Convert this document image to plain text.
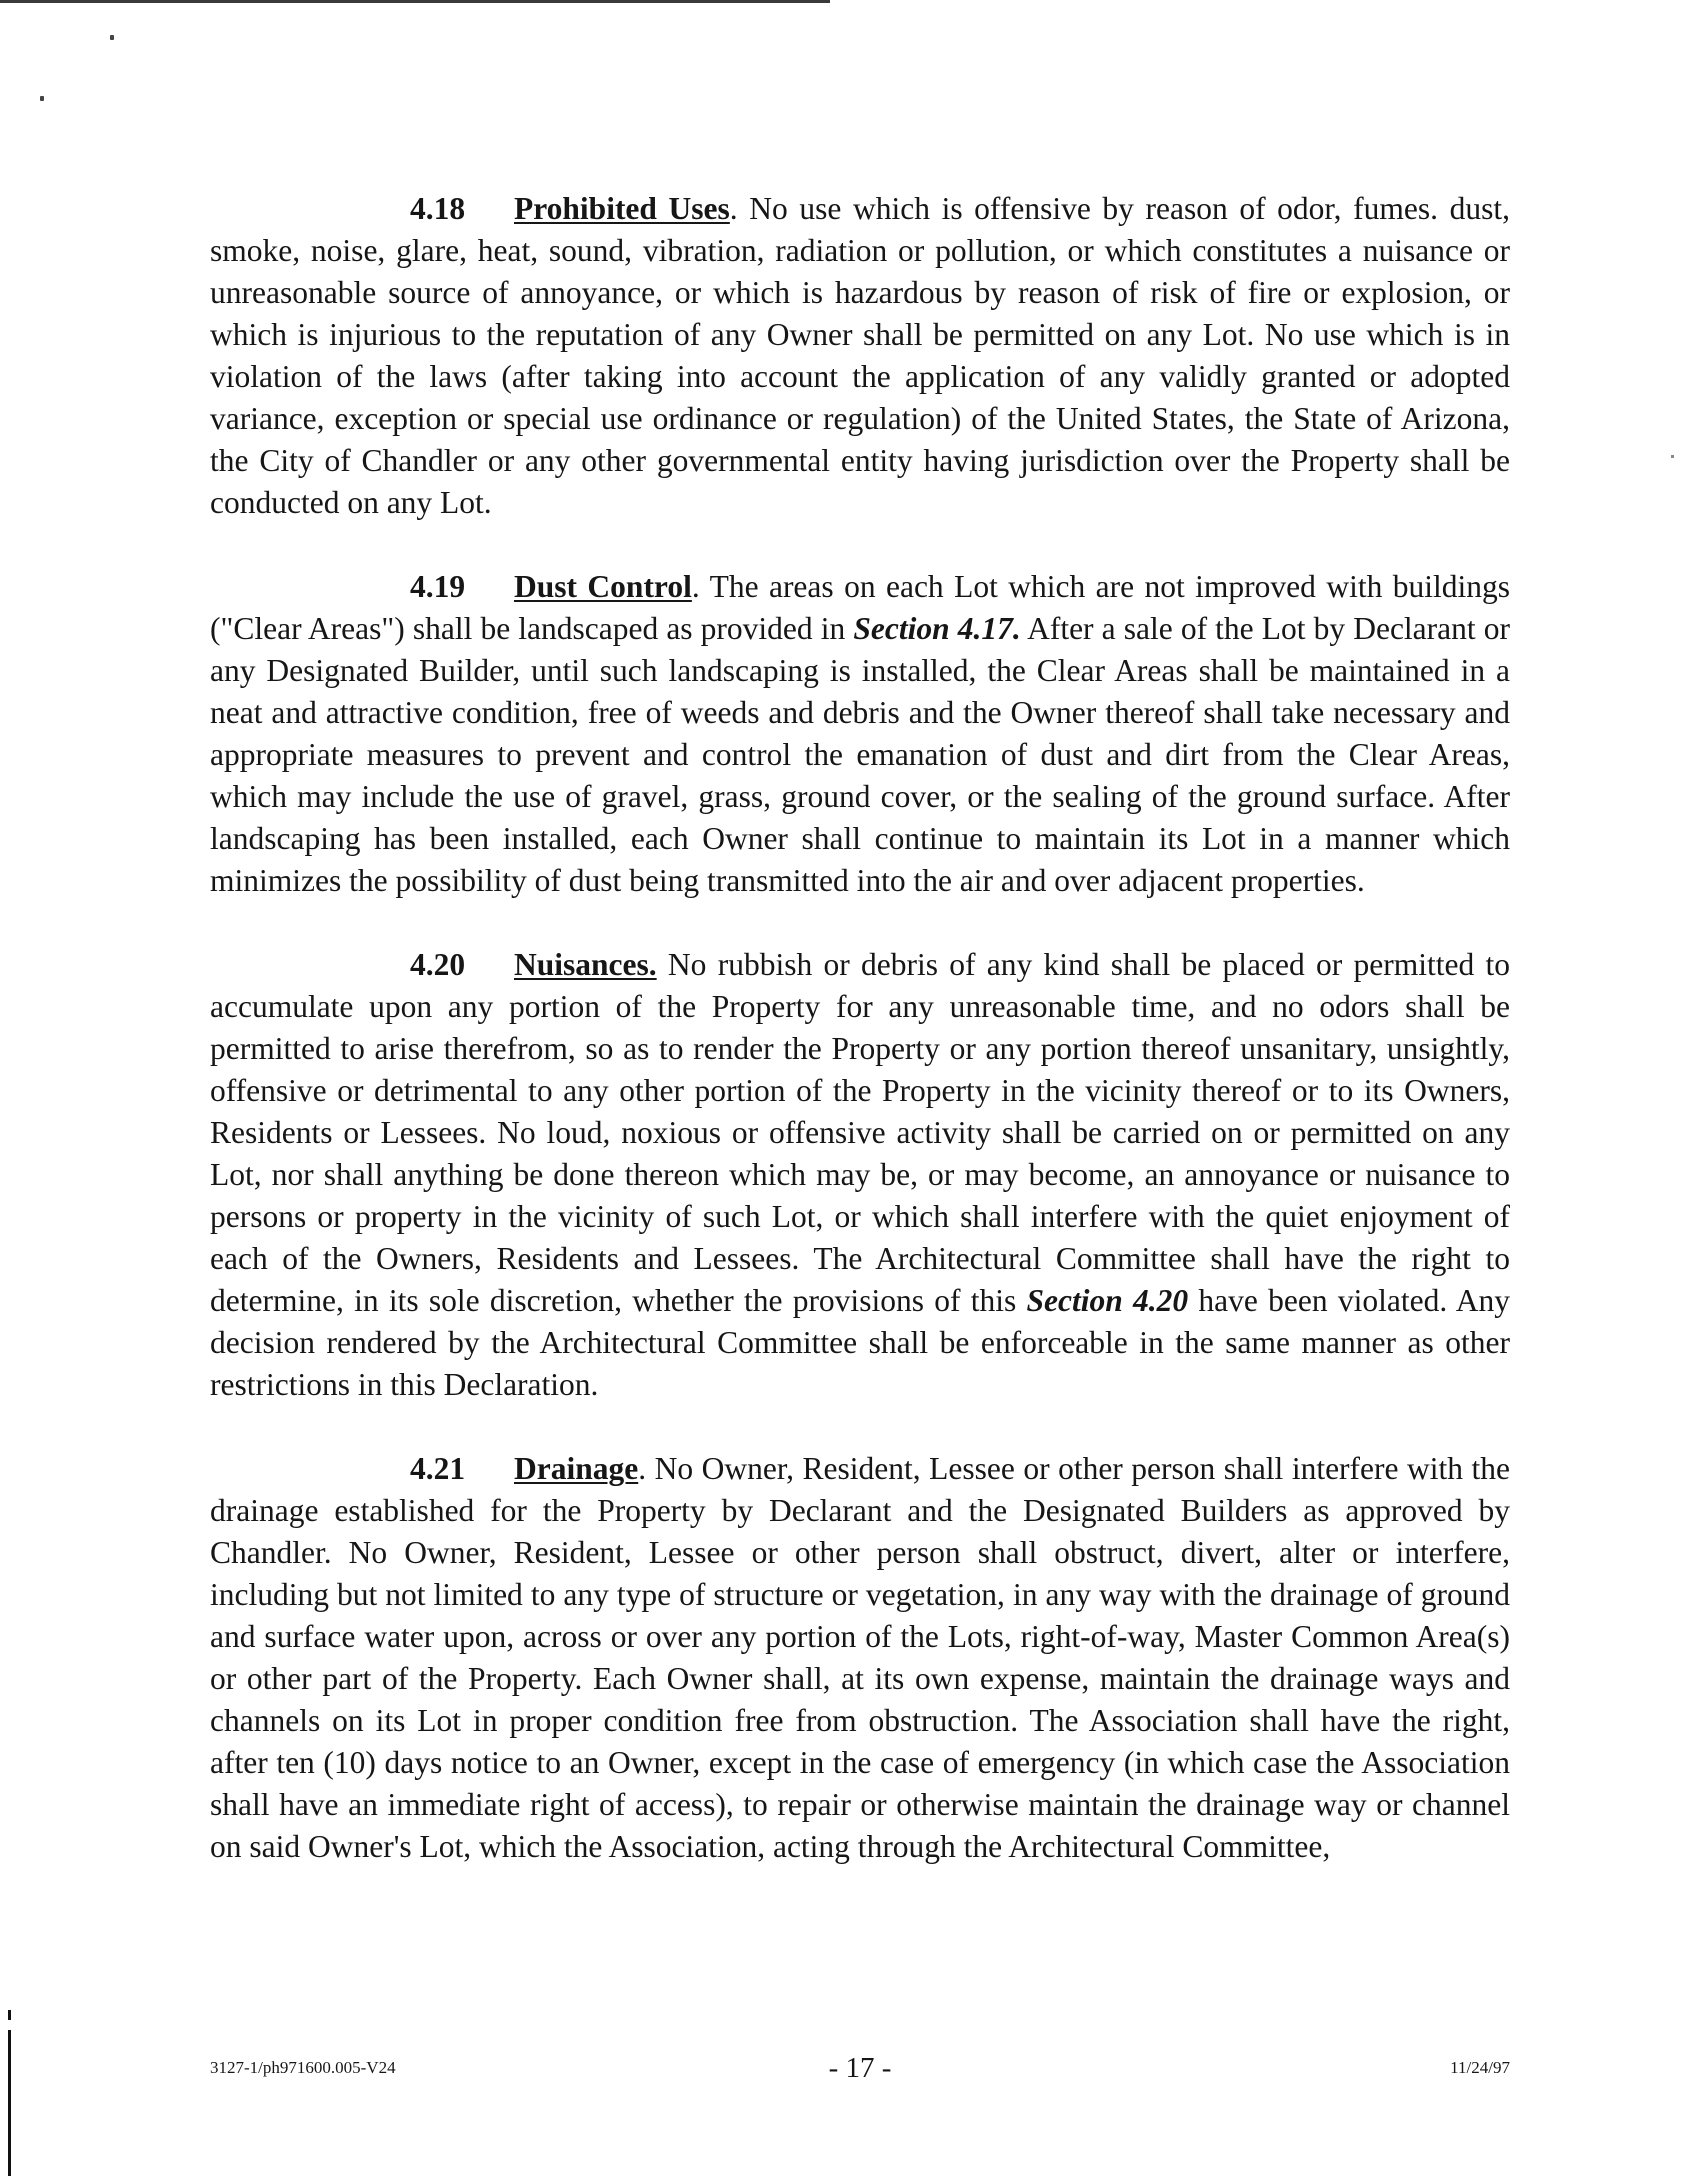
4.18 Prohibited Uses. No use which is offensive by reason of odor, fumes. dust, smoke, noise, glare, heat, sound, vibration, radiation or pollution, or which constitutes a nuisance or unreasonable source of annoyance, or which is hazardous by reason of risk of fire or explosion, or which is injurious to the reputation of any Owner shall be permitted on any Lot. No use which is in violation of the laws (after taking into account the application of any validly granted or adopted variance, exception or special use ordinance or regulation) of the United States, the State of Arizona, the City of Chandler or any other governmental entity having jurisdiction over the Property shall be conducted on any Lot.

4.19 Dust Control. The areas on each Lot which are not improved with buildings ("Clear Areas") shall be landscaped as provided in Section 4.17. After a sale of the Lot by Declarant or any Designated Builder, until such landscaping is installed, the Clear Areas shall be maintained in a neat and attractive condition, free of weeds and debris and the Owner thereof shall take necessary and appropriate measures to prevent and control the emanation of dust and dirt from the Clear Areas, which may include the use of gravel, grass, ground cover, or the sealing of the ground surface. After landscaping has been installed, each Owner shall continue to maintain its Lot in a manner which minimizes the possibility of dust being transmitted into the air and over adjacent properties.

4.20 Nuisances. No rubbish or debris of any kind shall be placed or permitted to accumulate upon any portion of the Property for any unreasonable time, and no odors shall be permitted to arise therefrom, so as to render the Property or any portion thereof unsanitary, unsightly, offensive or detrimental to any other portion of the Property in the vicinity thereof or to its Owners, Residents or Lessees. No loud, noxious or offensive activity shall be carried on or permitted on any Lot, nor shall anything be done thereon which may be, or may become, an annoyance or nuisance to persons or property in the vicinity of such Lot, or which shall interfere with the quiet enjoyment of each of the Owners, Residents and Lessees. The Architectural Committee shall have the right to determine, in its sole discretion, whether the provisions of this Section 4.20 have been violated. Any decision rendered by the Architectural Committee shall be enforceable in the same manner as other restrictions in this Declaration.

4.21 Drainage. No Owner, Resident, Lessee or other person shall interfere with the drainage established for the Property by Declarant and the Designated Builders as approved by Chandler. No Owner, Resident, Lessee or other person shall obstruct, divert, alter or interfere, including but not limited to any type of structure or vegetation, in any way with the drainage of ground and surface water upon, across or over any portion of the Lots, right-of-way, Master Common Area(s) or other part of the Property. Each Owner shall, at its own expense, maintain the drainage ways and channels on its Lot in proper condition free from obstruction. The Association shall have the right, after ten (10) days notice to an Owner, except in the case of emergency (in which case the Association shall have an immediate right of access), to repair or otherwise maintain the drainage way or channel on said Owner's Lot, which the Association, acting through the Architectural Committee,

3127-1/ph971600.005-V24	- 17 -	11/24/97
